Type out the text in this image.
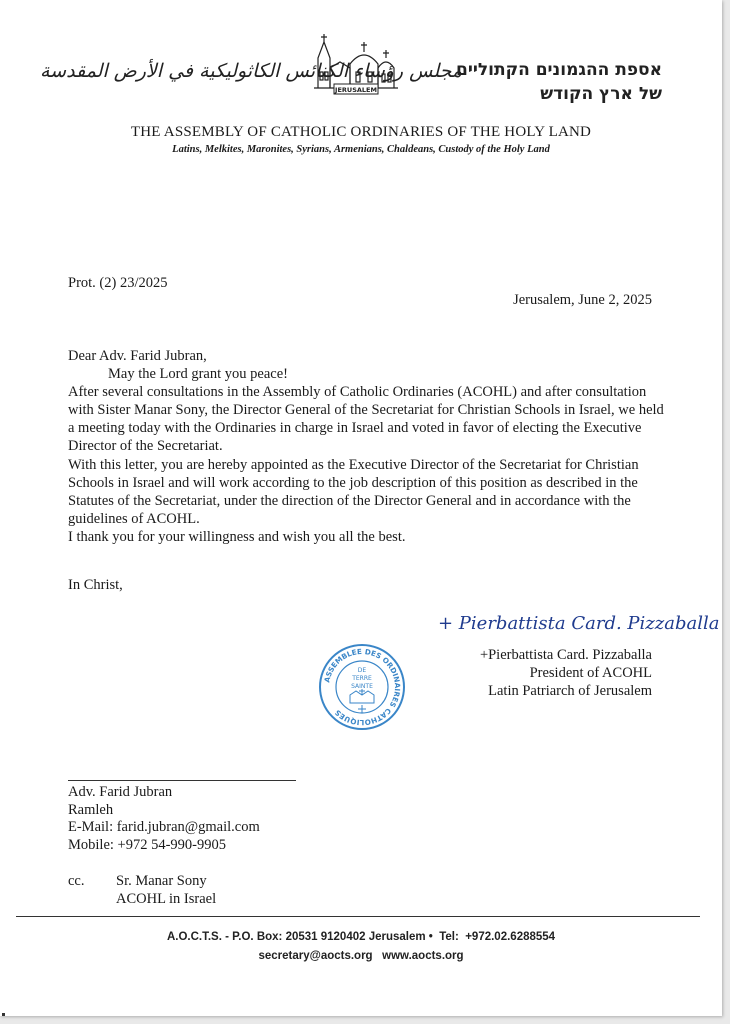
مجلس رؤساء الكنائس الكاثوليكية في الأرض المقدسة
JERUSALEM
אספת ההגמונים הקתוליים
של ארץ הקודש
THE ASSEMBLY OF CATHOLIC ORDINARIES OF THE HOLY LAND
Latins, Melkites, Maronites, Syrians, Armenians, Chaldeans, Custody of the Holy Land
Prot. (2) 23/2025
Jerusalem, June 2, 2025

Dear Adv. Farid Jubran,

May the Lord grant you peace!

After several consultations in the Assembly of Catholic Ordinaries (ACOHL) and after consultation with Sister Manar Sony, the Director General of the Secretariat for Christian Schools in Israel, we held a meeting today with the Ordinaries in charge in Israel and voted in favor of electing the Executive Director of the Secretariat.

With this letter, you are hereby appointed as the Executive Director of the Secretariat for Christian Schools in Israel and will work according to the job description of this position as described in the Statutes of the Secretariat, under the direction of the Director General and in accordance with the guidelines of ACOHL.

I thank you for your willingness and wish you all the best.

In Christ,
+ Pierbattista Card. Pizzaballa
ASSEMBLEE DES ORDINAIRES CATHOLIQUES
DE
TERRE
SAINTE
+Pierbattista Card. Pizzaballa
President of ACOHL
Latin Patriarch of Jerusalem
Adv. Farid Jubran
Ramleh
E-Mail: farid.jubran@gmail.com
Mobile: +972 54-990-9905
cc. Sr. Manar Sony
ACOHL in Israel
A.O.C.T.S. - P.O. Box: 20531 9120402 Jerusalem •  Tel:  +972.02.6288554
secretary@aocts.org   www.aocts.org
